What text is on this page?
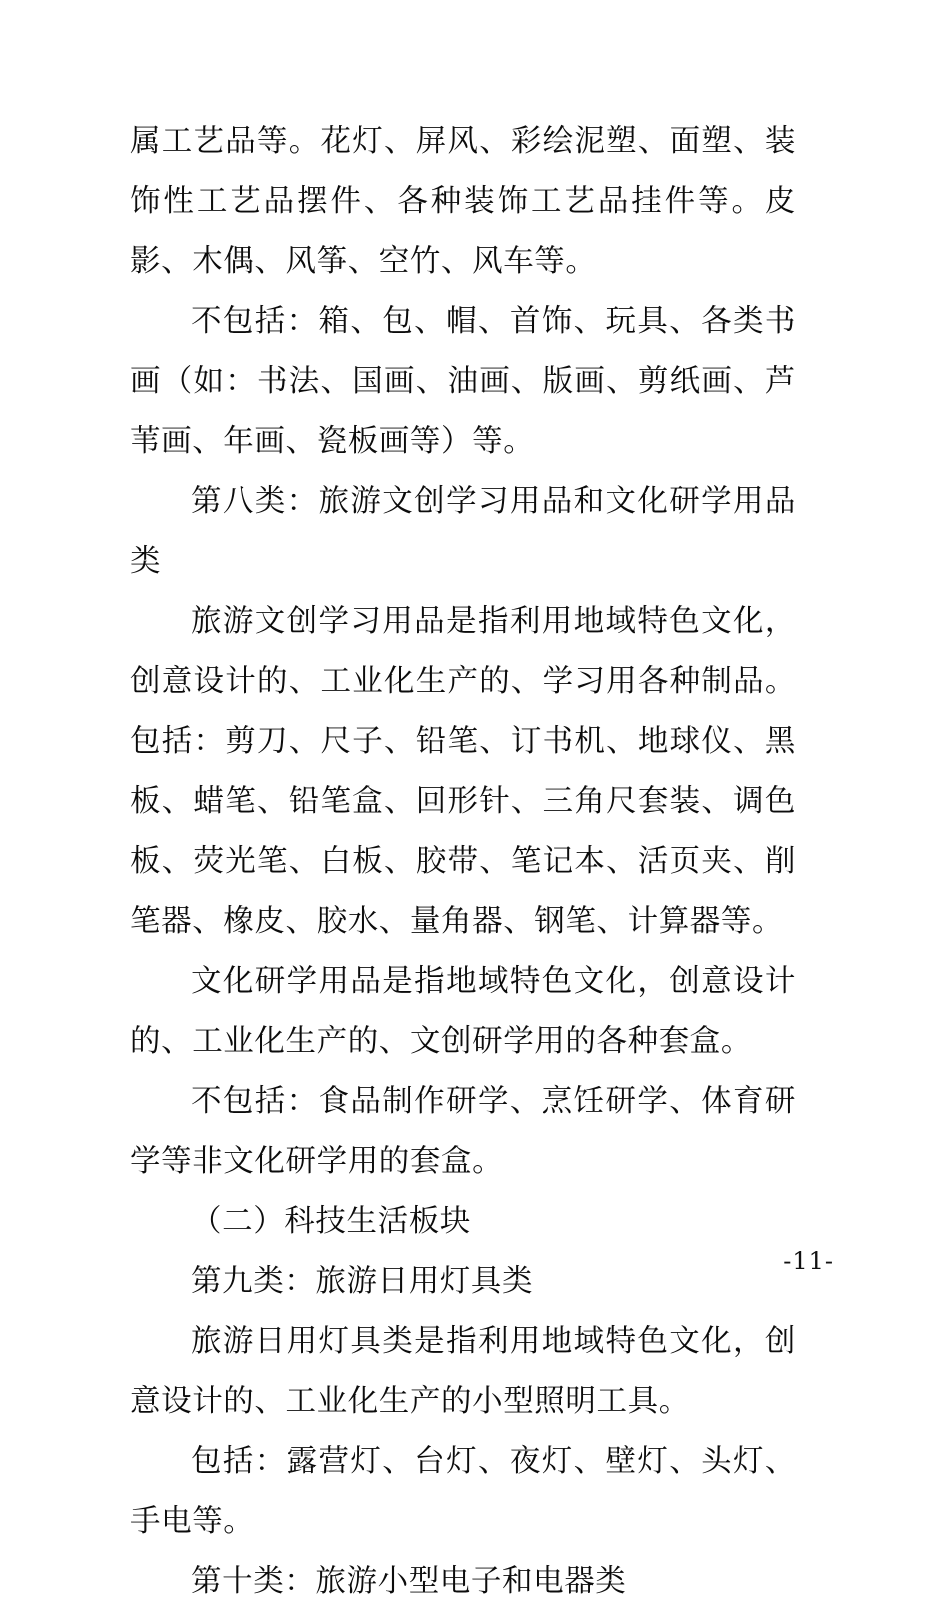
属工艺品等。花灯、屏风、彩绘泥塑、面塑、装饰性工艺品摆件、各种装饰工艺品挂件等。皮影、木偶、风筝、空竹、风车等。

不包括：箱、包、帽、首饰、玩具、各类书画（如：书法、国画、油画、版画、剪纸画、芦苇画、年画、瓷板画等）等。

第八类：旅游文创学习用品和文化研学用品类

旅游文创学习用品是指利用地域特色文化，创意设计的、工业化生产的、学习用各种制品。包括：剪刀、尺子、铅笔、订书机、地球仪、黑板、蜡笔、铅笔盒、回形针、三角尺套装、调色板、荧光笔、白板、胶带、笔记本、活页夹、削笔器、橡皮、胶水、量角器、钢笔、计算器等。

文化研学用品是指地域特色文化，创意设计的、工业化生产的、文创研学用的各种套盒。

不包括：食品制作研学、烹饪研学、体育研学等非文化研学用的套盒。

（二）科技生活板块

第九类：旅游日用灯具类

旅游日用灯具类是指利用地域特色文化，创意设计的、工业化生产的小型照明工具。

包括：露营灯、台灯、夜灯、壁灯、头灯、手电等。

第十类：旅游小型电子和电器类

-11-
